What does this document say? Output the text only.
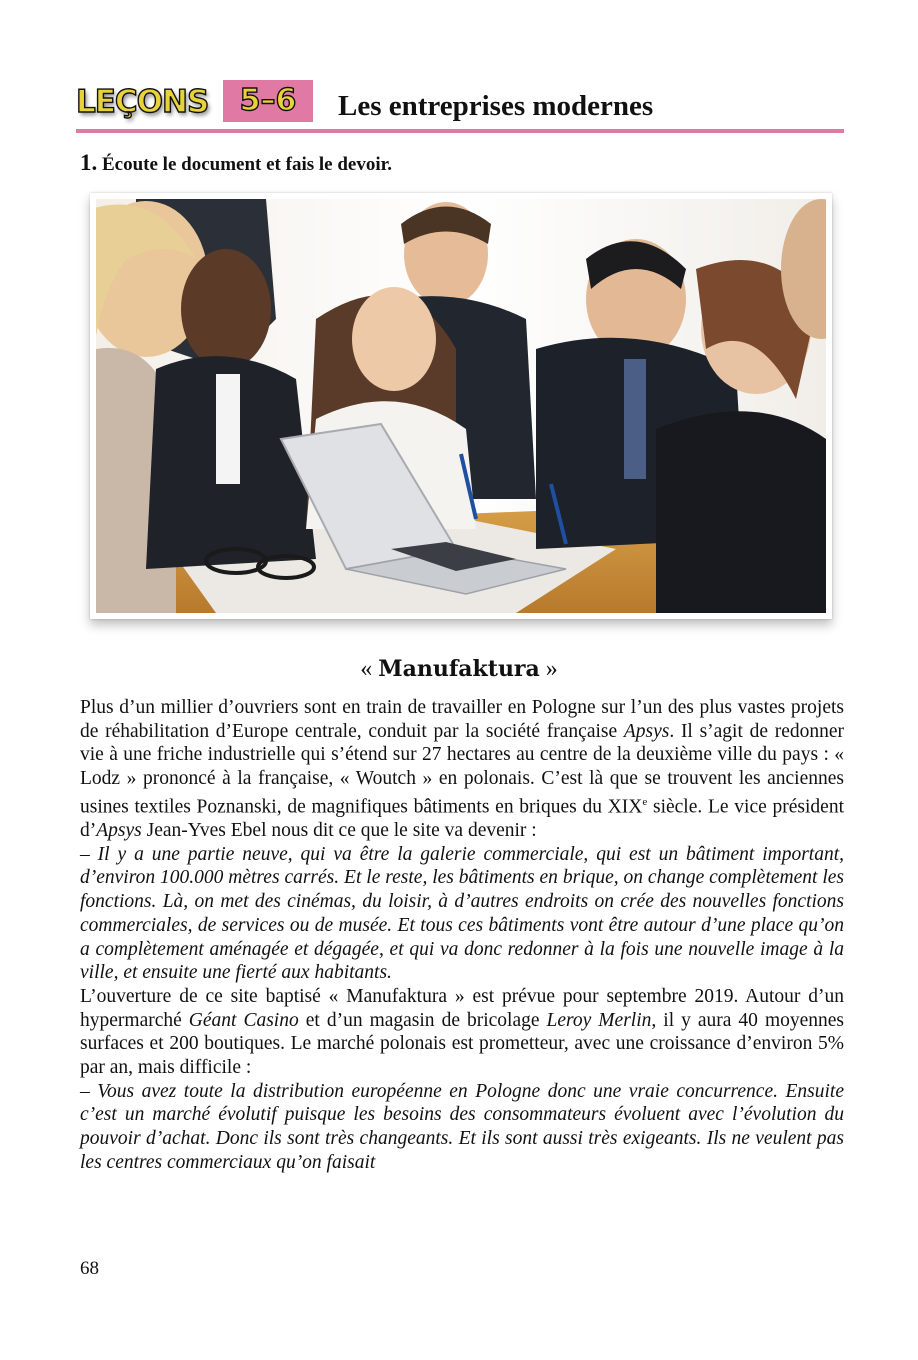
LEÇONS	5–6	Les entreprises modernes
1. Écoute le document et fais le devoir.
« Manufaktura »

Plus d’un millier d’ouvriers sont en train de travailler en Pologne sur l’un des plus vastes projets de réhabilitation d’Europe centrale, conduit par la société française Apsys. Il s’agit de redonner vie à une friche industrielle qui s’étend sur 27 hectares au centre de la deuxième ville du pays : « Lodz » prononcé à la française, « Woutch » en polonais. C’est là que se trouvent les anciennes usines textiles Poznanski, de magnifiques bâtiments en briques du XIXe siècle. Le vice président d’Apsys Jean-Yves Ebel nous dit ce que le site va devenir :

– Il y a une partie neuve, qui va être la galerie commerciale, qui est un bâtiment important, d’environ 100.000 mètres carrés. Et le reste, les bâtiments en brique, on change complètement les fonctions. Là, on met des cinémas, du loisir, à d’autres endroits on crée des nouvelles fonctions commerciales, de services ou de musée. Et tous ces bâtiments vont être autour d’une place qu’on a complètement aménagée et dégagée, et qui va donc redonner à la fois une nouvelle image à la ville, et ensuite une fierté aux habitants.

L’ouverture de ce site baptisé « Manufaktura » est prévue pour septembre 2019. Autour d’un hypermarché Géant Casino et d’un magasin de bricolage Leroy Merlin, il y aura 40 moyennes surfaces et 200 boutiques. Le marché polonais est prometteur, avec une croissance d’environ 5% par an, mais difficile :

– Vous avez toute la distribution européenne en Pologne donc une vraie concurrence. Ensuite c’est un marché évolutif puisque les besoins des consommateurs évoluent avec l’évolution du pouvoir d’achat. Donc ils sont très changeants. Et ils sont aussi très exigeants. Ils ne veulent pas les centres commerciaux qu’on faisait

68
